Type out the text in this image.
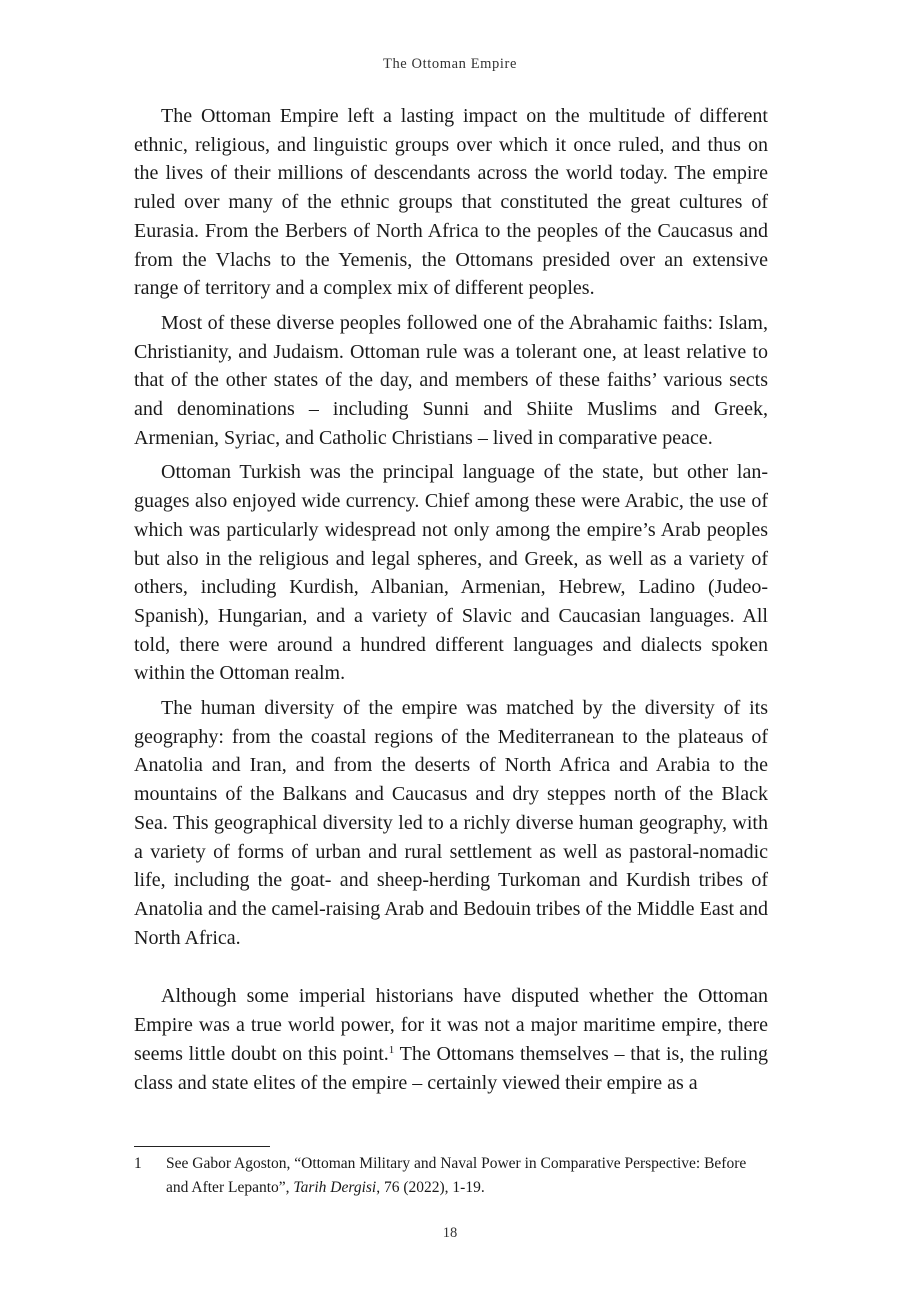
The Ottoman Empire

The Ottoman Empire left a lasting impact on the multitude of different ethnic, religious, and linguistic groups over which it once ruled, and thus on the lives of their millions of descendants across the world today. The empire ruled over many of the ethnic groups that constituted the great cultures of Eurasia. From the Berbers of North Africa to the peoples of the Caucasus and from the Vlachs to the Yemenis, the Ottomans presided over an extensive range of territory and a complex mix of different peoples.

Most of these diverse peoples followed one of the Abrahamic faiths: Islam, Christianity, and Judaism. Ottoman rule was a tolerant one, at least relative to that of the other states of the day, and members of these faiths’ various sects and denominations – including Sunni and Shiite Muslims and Greek, Armenian, Syriac, and Catholic Christians – lived in comparative peace.

Ottoman Turkish was the principal language of the state, but other languages also enjoyed wide currency. Chief among these were Arabic, the use of which was particularly widespread not only among the empire’s Arab peoples but also in the religious and legal spheres, and Greek, as well as a variety of others, including Kurdish, Albanian, Armenian, Hebrew, Ladino (Judeo-Spanish), Hungarian, and a variety of Slavic and Caucasian languages. All told, there were around a hundred different languages and dialects spoken within the Ottoman realm.

The human diversity of the empire was matched by the diversity of its geography: from the coastal regions of the Mediterranean to the plateaus of Anatolia and Iran, and from the deserts of North Africa and Arabia to the mountains of the Balkans and Caucasus and dry steppes north of the Black Sea. This geographical diversity led to a richly diverse human geography, with a variety of forms of urban and rural settlement as well as pastoral-nomadic life, including the goat- and sheep-herding Turkoman and Kurdish tribes of Anatolia and the camel-raising Arab and Bedouin tribes of the Middle East and North Africa.

Although some imperial historians have disputed whether the Ottoman Empire was a true world power, for it was not a major maritime empire, there seems little doubt on this point.$^1$ The Ottomans themselves – that is, the ruling class and state elites of the empire – certainly viewed their empire as a

1	See Gabor Agoston, “Ottoman Military and Naval Power in Comparative Perspective: Before and After Lepanto”, Tarih Dergisi, 76 (2022), 1-19.
18
